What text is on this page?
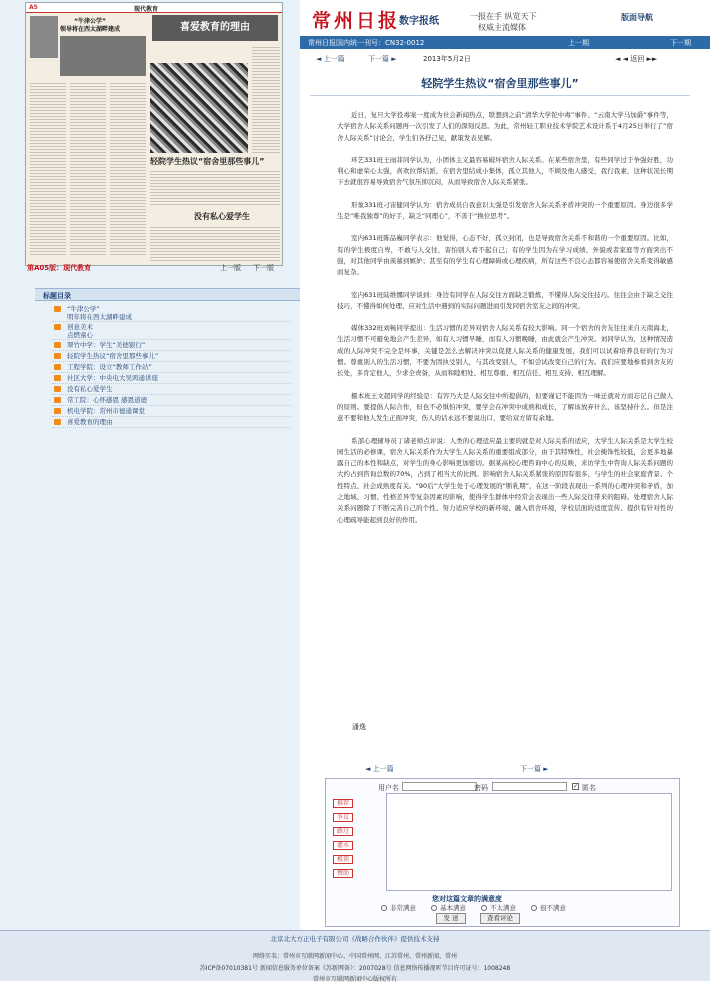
常州日报
数字报纸	一报在手 纵览天下
权威主流媒体
版面导航
常州日报国内统一刊号：CN32-0012	上一期	下一期
A5	现代教育
“牛津公学”
领导将在西太湖畔建成	喜爱教育的理由
轻院学生热议“宿舍里那些事儿”
没有私心爱学生
第A05版：现代教育	上一版 下一版
标题目录
“牛津公学”
明年将在西太湖畔建成
创意美术
点燃童心
翠竹中学：学生“美德银行”
轻院学生热议“宿舍里那些事儿”
工程学院：设立“教师工作站”
社区大学：中央电大吴鸿通讲座
没有私心爱学生
常工院：心怀感恩 感恩道德
机电学院：常州市德通课堂
喜爱教育的理由
◄ 上一篇	下一篇 ►	2013年5月2日	◄ ◄ 返回 ►►
轻院学生热议“宿舍里那些事儿”

近日，复旦大学投毒案一度成为社会新闻热点，联想到之前“清华大学铊中毒”事件、“云南大学马加爵”事件等，大学宿舍人际关系问题再一次引发了人们的深刻反思。为此，常州轻工职业技术学院艺术设计系于4月25日举行了“宿舍人际关系”讨论会，学生们各抒己见，献策发表见解。

环艺331班王雨菲同学认为，小团体主义最容易破坏宿舍人际关系。在某些宿舍里，有些同学过于争强好胜，功利心和虚荣心太强，喜欢拉帮结派，在宿舍里结成小集体，孤立其他人，不顾及他人感受，我行我素，这种状况长期下去就很容易导致宿舍气氛压抑沉闷，从而导致宿舍人际关系紧张。

形象331班刁宙健同学认为：宿舍成员自我意识太强是引发宿舍人际关系矛盾冲突的一个重要原因。身边很多学生是“唯我独尊”的好手，缺乏“同理心”，不善于“换位思考”。

室内631班陈品巍同学表示：他觉得，心态不好，孤立封闭，也是导致宿舍关系不和谐的一个重要原因。比如，有的学生极度自卑，不敢与人交往，害怕别人看不起自己；有的学生因为在学习成绩、外貌或者家庭等方面突出不强，对其他同学由羡慕到嫉妒；甚至有的学生有心理障碍或心理疾病，所有这些不良心态都容易使宿舍关系变得敏感而复杂。

室内631班陆维娜同学谈到：身边有同学在人际交往方面缺乏锻炼，不懂得人际交往技巧。往往会由于缺乏交往技巧，不懂得如何处理、应对生活中遇到的实际问题进而引发同宿舍室友之间的冲突。

媒体332班刘畅同学提出：生活习惯的差异对宿舍人际关系有较大影响。同一个宿舍的舍友往往来自天南海北，生活习惯不可避免地会产生差异，如有人习惯早睡，而有人习惯晚睡，由此就会产生冲突。刘同学认为，这种情况造成的人际冲突不完全是坏事，关键是怎么去解决冲突以促使人际关系的健康发展，我们可以试着培养良好的行为习惯。尊重别人的生活习惯，不要为固执受别人，与其改变别人，不如尝试改变自己的行为。我们应要地参看到舍友的长处，多肯定他人，少求全责备，从而和睦相处、相互尊重、相互信任、相互支持、相互理解。

摄本班王文超同学的经验是：有容乃大是人际交往中所提倡的，但要谨记不能因为一味迁就对方而忘记自己做人的原则。要提倡人际合作，但也不必惧怕冲突，要学会在冲突中成熟和成长，了解该放弃什么、该坚持什么。但是注意不要和他人发生正面冲突，伤人的话永远不要说出口，要给双方留有余地。

系部心理辅导员丁诸老师点评说：人类的心理适应最主要的就是对人际关系的适应，大学生人际关系是大学生校园生活的必修课，宿舍人际关系作为大学生人际关系的重要组成部分，由于其特殊性，社会掩饰性较低，会更多地暴露自己的本性和缺点，对学生的身心影响更加密切。据某高校心理咨询中心的反映，来访学生中咨询人际关系问题的大约占到咨询总数的70%，占到了相当大的比例。影响宿舍人际关系紧张的原因有很多，与学生的社会家庭背景、个性特点、社会成熟度有关。“90后”大学生处于心理发展的“断乳期”，在这一阶段表现出一系列的心理冲突和矛盾，加之地域、习惯、性格差异等复杂因素的影响，使得学生群体中经常会表现出一些人际交往带来的阻碍。处理宿舍人际关系问题除了不断完善自己的个性、努力适应学校的新环境、融入宿舍环境，学校层面的适度宣传、提供有针对性的心理疏导能起到良好的作用。

潘逸
◄ 上一篇	下一篇 ►
用户名	密码	✓ 匿名
推荐
争议
路过
灌水
极顶
赞助
您对这篇文章的满意度
非常满意	基本满意	不太满意	很不满意
发 送	查看评论
北京北大方正电子有限公司《战略合作伙伴》提供技术支持
网络实名：常州市互联网新闻中心、中国常州网、江苏常州、常州新闻、常州
苏ICP备07010381号 新闻信息服务单位备案《苏新网备》：2007028号 信息网络传播视听节目许可证号：1008248
常州市互联网新闻中心版权所有
